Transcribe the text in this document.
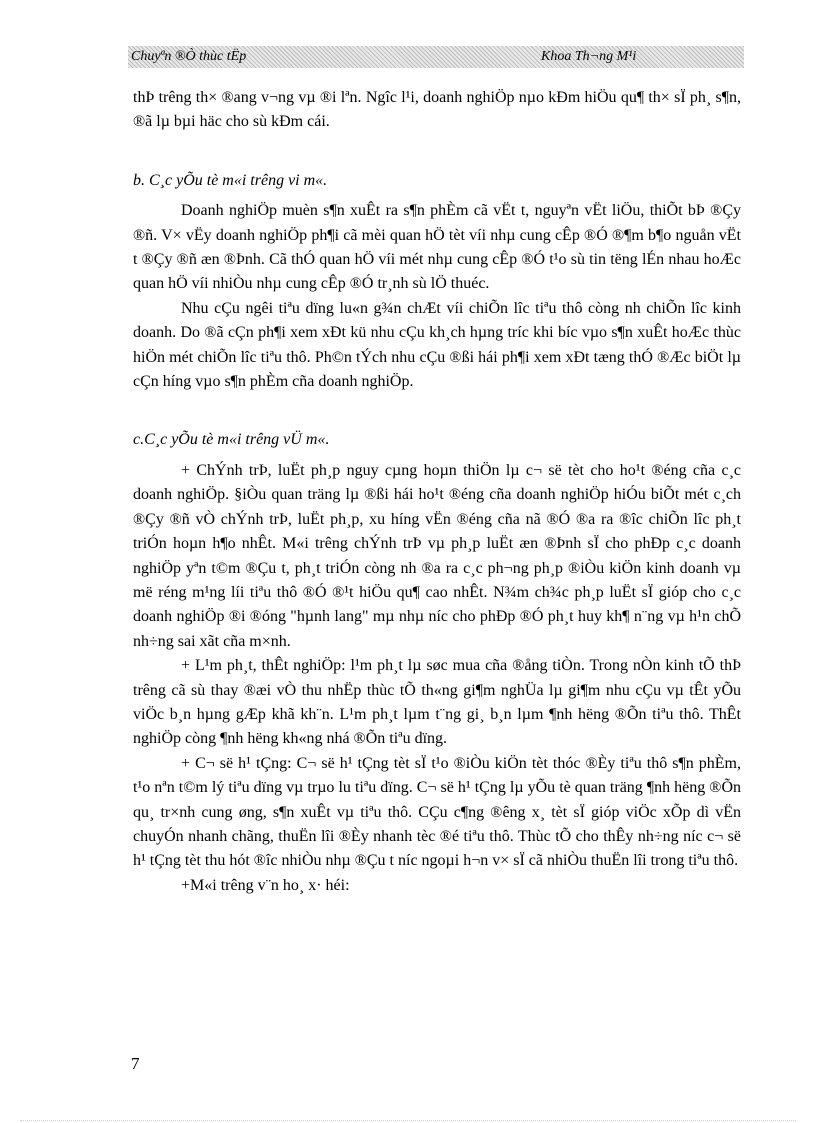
Chuyªn ®Ò thùc tËp	Khoa Th¬ng M¹i

thÞ trêng th× ®ang v¬ng vµ ®i lªn. Ngîc l¹i, doanh nghiÖp nµo kÐm hiÖu qu¶ th× sÏ ph¸ s¶n, ®ã lµ bµi häc cho sù kÐm cái.

b. C¸c yÕu tè m«i trêng vi m«.

Doanh nghiÖp muèn s¶n xuÊt ra s¶n phÈm cã vËt t, nguyªn vËt liÖu, thiÕt bÞ ®Çy ®ñ. V× vËy doanh nghiÖp ph¶i cã mèi quan hÖ tèt víi nhµ cung cÊp ®Ó ®¶m b¶o nguån vËt t ®Çy ®ñ æn ®Þnh. Cã thÓ quan hÖ víi mét nhµ cung cÊp ®Ó t¹o sù tin tëng lÉn nhau hoÆc quan hÖ víi nhiÒu nhµ cung cÊp ®Ó tr¸nh sù lÖ thuéc.

Nhu cÇu ngêi tiªu dïng lu«n g¾n chÆt víi chiÕn lîc tiªu thô còng nh chiÕn lîc kinh doanh. Do ®ã cÇn ph¶i xem xÐt kü nhu cÇu kh¸ch hµng tríc khi bíc vµo s¶n xuÊt hoÆc thùc hiÖn mét chiÕn lîc tiªu thô. Ph©n tÝch nhu cÇu ®ßi hái ph¶i xem xÐt tæng thÓ ®Æc biÖt lµ cÇn híng vµo s¶n phÈm cña doanh nghiÖp.

c.C¸c yÕu tè m«i trêng vÜ m«.

+ ChÝnh trÞ, luËt ph¸p nguy cµng hoµn thiÖn lµ c¬ së tèt cho ho¹t ®éng cña c¸c doanh nghiÖp. §iÒu quan träng lµ ®ßi hái ho¹t ®éng cña doanh nghiÖp hiÓu biÕt mét c¸ch ®Çy ®ñ vÒ chÝnh trÞ, luËt ph¸p, xu híng vËn ®éng cña nã ®Ó ®a ra ®îc chiÕn lîc ph¸t triÓn hoµn h¶o nhÊt. M«i trêng chÝnh trÞ vµ ph¸p luËt æn ®Þnh sÏ cho phÐp c¸c doanh nghiÖp yªn t©m ®Çu t, ph¸t triÓn còng nh ®a ra c¸c ph¬ng ph¸p ®iÒu kiÖn kinh doanh vµ më réng m¹ng líi tiªu thô ®Ó ®¹t hiÖu qu¶ cao nhÊt. N¾m ch¾c ph¸p luËt sÏ gióp cho c¸c doanh nghiÖp ®i ®óng "hµnh lang" mµ nhµ níc cho phÐp ®Ó ph¸t huy kh¶ n¨ng vµ h¹n chÕ nh÷ng sai xãt cña m×nh.

+ L¹m ph¸t, thÊt nghiÖp: l¹m ph¸t lµ søc mua cña ®ång tiÒn. Trong nÒn kinh tÕ thÞ trêng cã sù thay ®æi vÒ thu nhËp thùc tÕ th«ng gi¶m nghÜa lµ gi¶m nhu cÇu vµ tÊt yÕu viÖc b¸n hµng gÆp khã kh¨n. L¹m ph¸t lµm t¨ng gi¸ b¸n lµm ¶nh hëng ®Õn tiªu thô. ThÊt nghiÖp còng ¶nh hëng kh«ng nhá ®Õn tiªu dïng.

+ C¬ së h¹ tÇng: C¬ së h¹ tÇng tèt sÏ t¹o ®iÒu kiÖn tèt thóc ®Èy tiªu thô s¶n phÈm, t¹o nªn t©m lý tiªu dïng vµ trµo lu tiªu dïng. C¬ së h¹ tÇng lµ yÕu tè quan träng ¶nh hëng ®Õn qu¸ tr×nh cung øng, s¶n xuÊt vµ tiªu thô. CÇu c¶ng ®êng x¸ tèt sÏ gióp viÖc xÕp dì vËn chuyÓn nhanh chãng, thuËn lîi ®Èy nhanh tèc ®é tiªu thô. Thùc tÕ cho thÊy nh÷ng níc c¬ së h¹ tÇng tèt thu hót ®îc nhiÒu nhµ ®Çu t níc ngoµi h¬n v× sÏ cã nhiÒu thuËn lîi trong tiªu thô.

+M«i trêng v¨n ho¸ x· héi:

7
